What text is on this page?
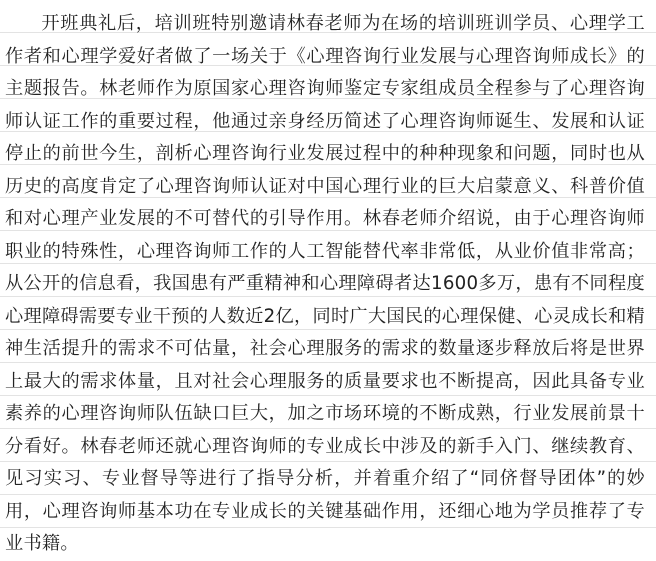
开班典礼后，培训班特别邀请林春老师为在场的培训班训学员、心理学工作者和心理学爱好者做了一场关于《心理咨询行业发展与心理咨询师成长》的主题报告。林老师作为原国家心理咨询师鉴定专家组成员全程参与了心理咨询师认证工作的重要过程，他通过亲身经历简述了心理咨询师诞生、发展和认证停止的前世今生，剖析心理咨询行业发展过程中的种种现象和问题，同时也从历史的高度肯定了心理咨询师认证对中国心理行业的巨大启蒙意义、科普价值和对心理产业发展的不可替代的引导作用。林春老师介绍说，由于心理咨询师职业的特殊性，心理咨询师工作的人工智能替代率非常低，从业价值非常高；从公开的信息看，我国患有严重精神和心理障碍者达1600多万，患有不同程度心理障碍需要专业干预的人数近2亿，同时广大国民的心理保健、心灵成长和精神生活提升的需求不可估量，社会心理服务的需求的数量逐步释放后将是世界上最大的需求体量，且对社会心理服务的质量要求也不断提高，因此具备专业素养的心理咨询师队伍缺口巨大，加之市场环境的不断成熟，行业发展前景十分看好。林春老师还就心理咨询师的专业成长中涉及的新手入门、继续教育、见习实习、专业督导等进行了指导分析，并着重介绍了“同侪督导团体”的妙用，心理咨询师基本功在专业成长的关键基础作用，还细心地为学员推荐了专业书籍。
